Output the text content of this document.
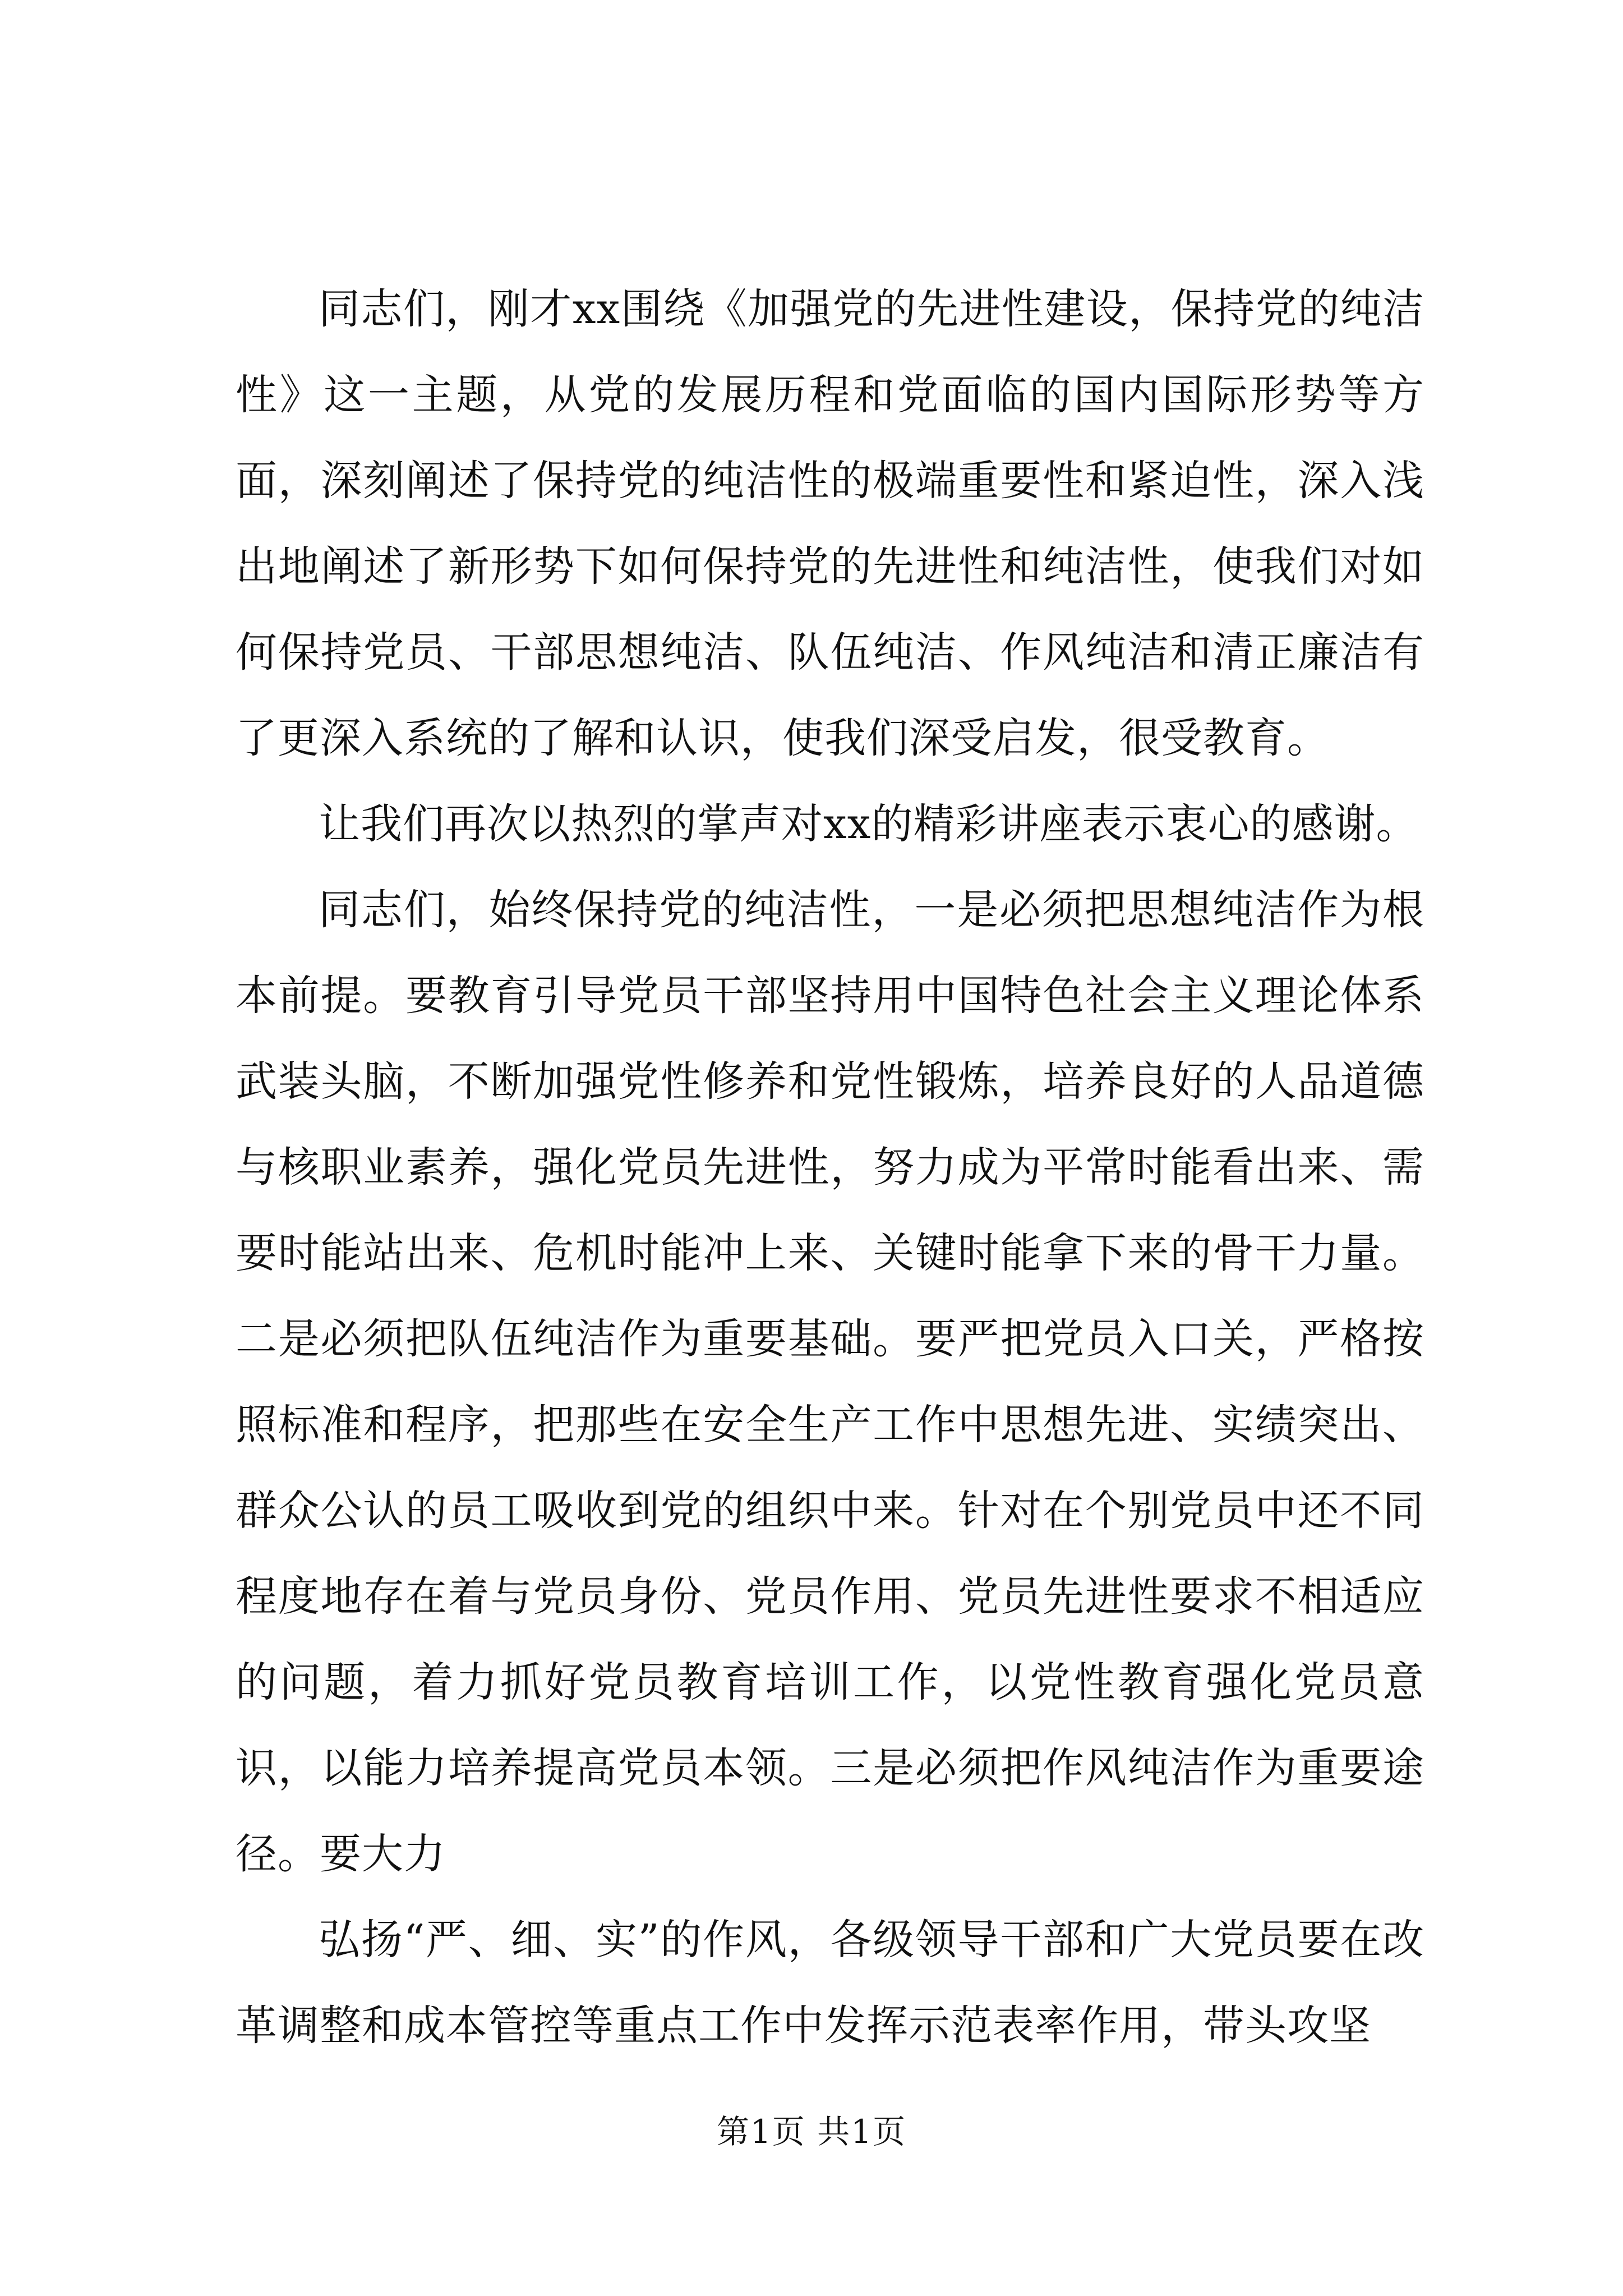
同志们，刚才xx围绕《加强党的先进性建设，保持党的纯洁性》这一主题，从党的发展历程和党面临的国内国际形势等方面，深刻阐述了保持党的纯洁性的极端重要性和紧迫性，深入浅出地阐述了新形势下如何保持党的先进性和纯洁性，使我们对如何保持党员、干部思想纯洁、队伍纯洁、作风纯洁和清正廉洁有了更深入系统的了解和认识，使我们深受启发，很受教育。

让我们再次以热烈的掌声对xx的精彩讲座表示衷心的感谢。

同志们，始终保持党的纯洁性，一是必须把思想纯洁作为根本前提。要教育引导党员干部坚持用中国特色社会主义理论体系武装头脑，不断加强党性修养和党性锻炼，培养良好的人品道德与核职业素养，强化党员先进性，努力成为平常时能看出来、需要时能站出来、危机时能冲上来、关键时能拿下来的骨干力量。二是必须把队伍纯洁作为重要基础。要严把党员入口关，严格按照标准和程序，把那些在安全生产工作中思想先进、实绩突出、群众公认的员工吸收到党的组织中来。针对在个别党员中还不同程度地存在着与党员身份、党员作用、党员先进性要求不相适应的问题，着力抓好党员教育培训工作，以党性教育强化党员意识，以能力培养提高党员本领。三是必须把作风纯洁作为重要途径。要大力

弘扬“严、细、实”的作风，各级领导干部和广大党员要在改革调整和成本管控等重点工作中发挥示范表率作用，带头攻坚

第1页 共1页
